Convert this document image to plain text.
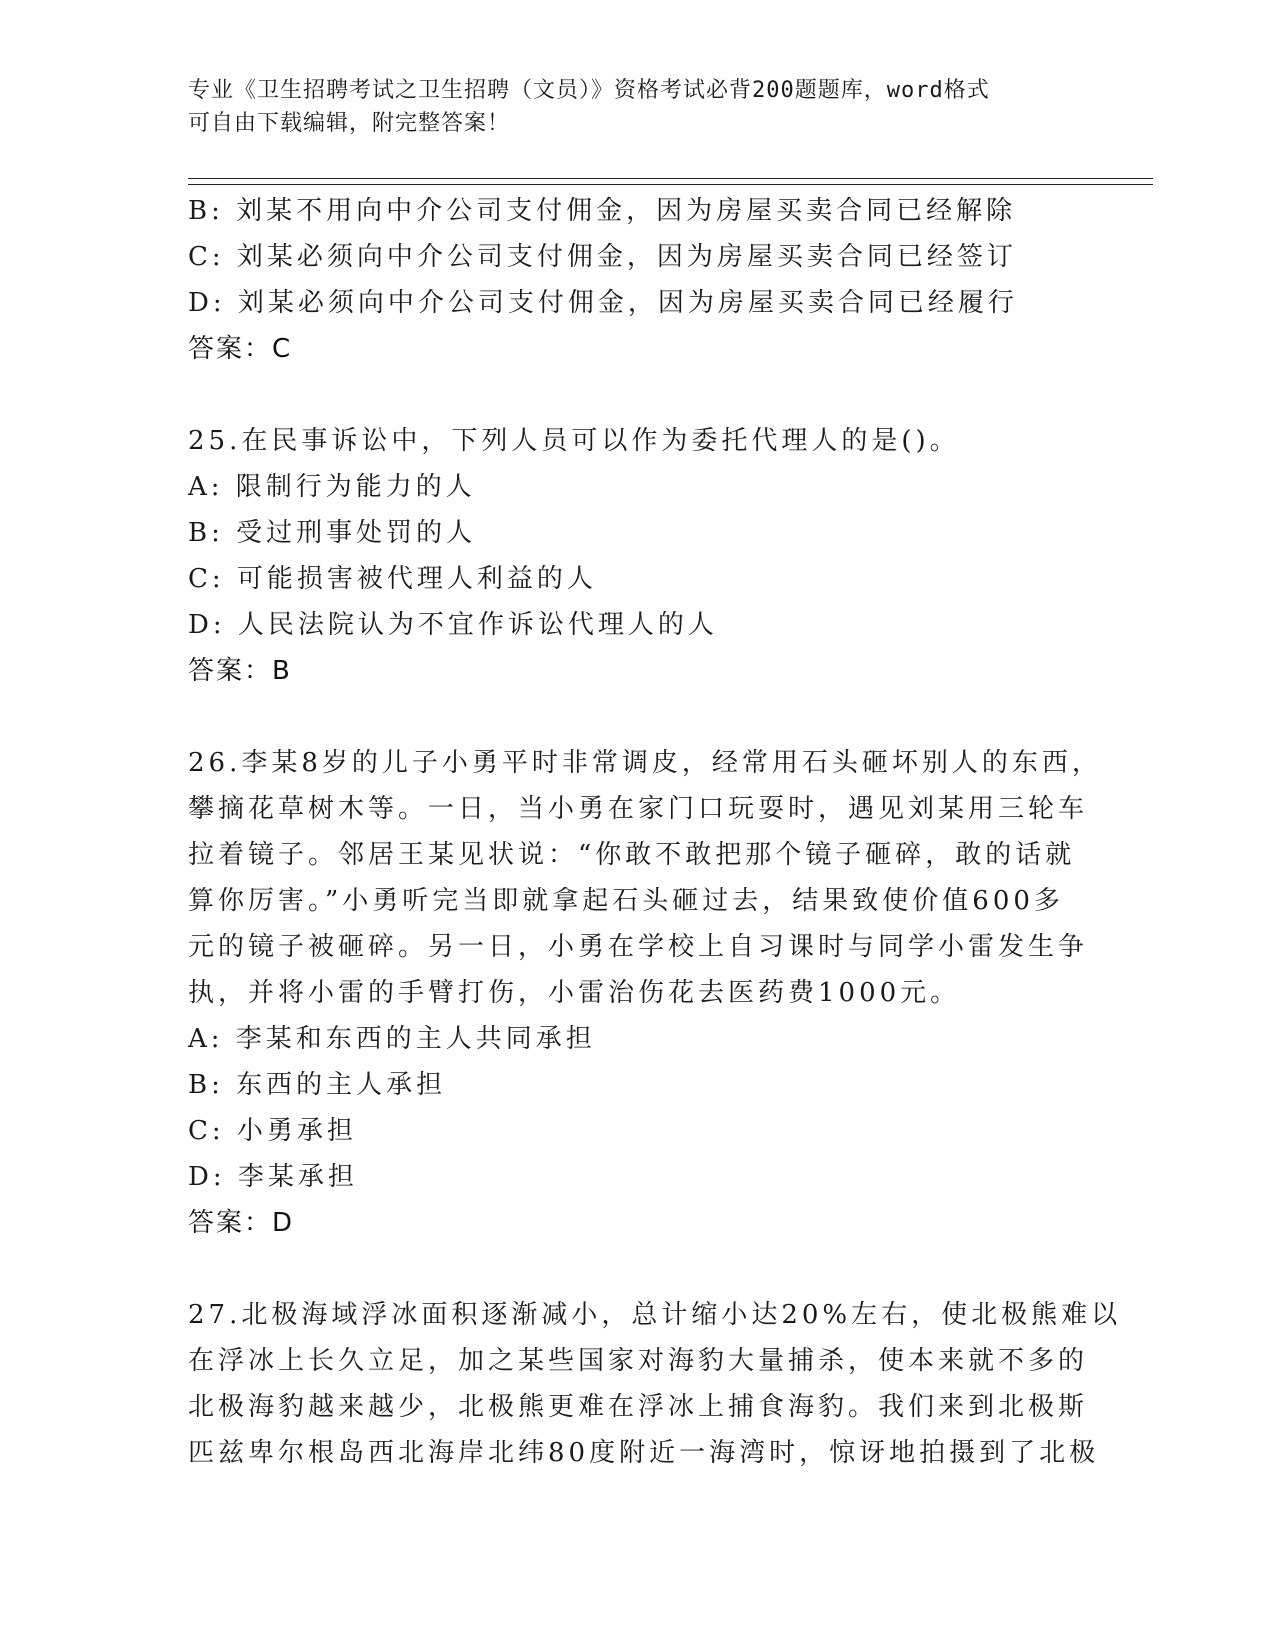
专业《卫生招聘考试之卫生招聘（文员）》资格考试必背200题题库，word格式
可自由下载编辑，附完整答案！
B: 刘某不用向中介公司支付佣金，因为房屋买卖合同已经解除
C: 刘某必须向中介公司支付佣金，因为房屋买卖合同已经签订
D: 刘某必须向中介公司支付佣金，因为房屋买卖合同已经履行
答案：C
25.在民事诉讼中，下列人员可以作为委托代理人的是()。
A: 限制行为能力的人
B: 受过刑事处罚的人
C: 可能损害被代理人利益的人
D: 人民法院认为不宜作诉讼代理人的人
答案：B
26.李某8岁的儿子小勇平时非常调皮，经常用石头砸坏别人的东西，
攀摘花草树木等。一日，当小勇在家门口玩耍时，遇见刘某用三轮车
拉着镜子。邻居王某见状说：“你敢不敢把那个镜子砸碎，敢的话就
算你厉害。”小勇听完当即就拿起石头砸过去，结果致使价值600多
元的镜子被砸碎。另一日，小勇在学校上自习课时与同学小雷发生争
执，并将小雷的手臂打伤，小雷治伤花去医药费1000元。
A: 李某和东西的主人共同承担
B: 东西的主人承担
C: 小勇承担
D: 李某承担
答案：D
27.北极海域浮冰面积逐渐减小，总计缩小达20%左右，使北极熊难以
在浮冰上长久立足，加之某些国家对海豹大量捕杀，使本来就不多的
北极海豹越来越少，北极熊更难在浮冰上捕食海豹。我们来到北极斯
匹兹卑尔根岛西北海岸北纬80度附近一海湾时，惊讶地拍摄到了北极
